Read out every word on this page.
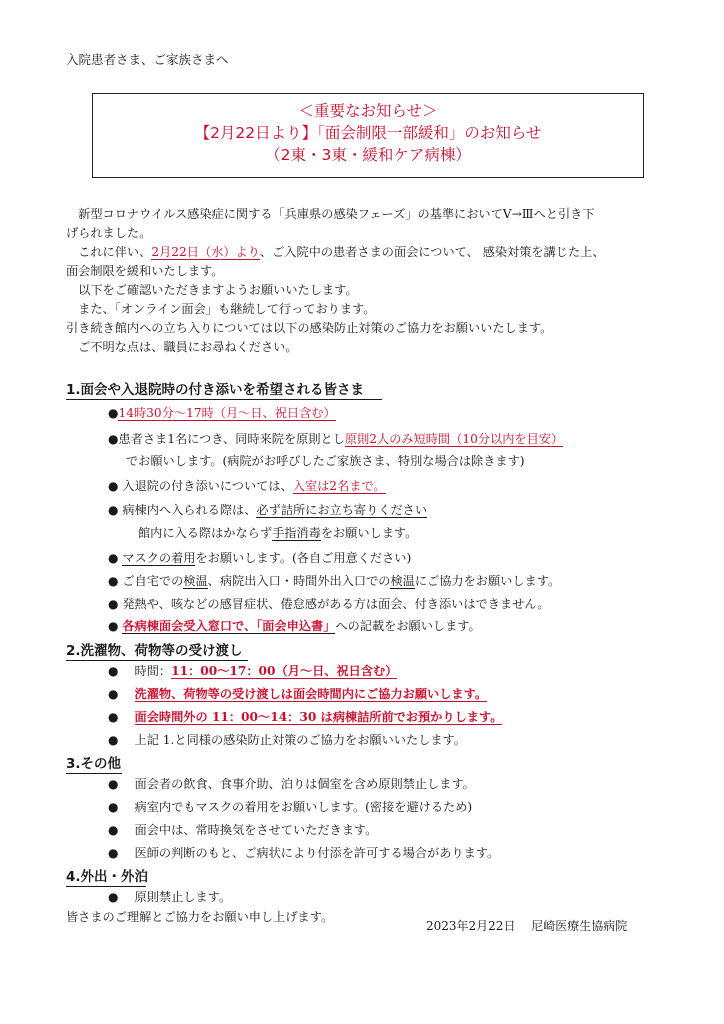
入院患者さま、ご家族さまへ
＜重要なお知らせ＞
【2月22日より】「面会制限一部緩和」のお知らせ
（2東・3東・緩和ケア病棟）
　新型コロナウイルス感染症に関する「兵庫県の感染フェーズ」の基準においてⅤ→Ⅲへと引き下
げられました。
　これに伴い、2月22日（水）より、ご入院中の患者さまの面会について、 感染対策を講じた上、
面会制限を緩和いたします。
　以下をご確認いただきますようお願いいたします。
　また、「オンライン面会」も継続して行っております。
引き続き館内への立ち入りについては以下の感染防止対策のご協力をお願いいたします。
　ご不明な点は、職員にお尋ねください。
1.面会や入退院時の付き添いを希望される皆さま
●14時30分～17時（月～日、祝日含む）
●患者さま1名につき、同時来院を原則とし原則2人のみ短時間（10分以内を目安）
でお願いします。(病院がお呼びしたご家族さま、特別な場合は除きます)
● 入退院の付き添いについては、入室は2名まで。
● 病棟内へ入られる際は、必ず詰所にお立ち寄りください
館内に入る際はかならず手指消毒をお願いします。
● マスクの着用をお願いします。(各自ご用意ください)
● ご自宅での検温、病院出入口・時間外出入口での検温にご協力をお願いします。
● 発熱や、咳などの感冒症状、倦怠感がある方は面会、付き添いはできません。
● 各病棟面会受入窓口で、「面会申込書」への記載をお願いします。
2.洗濯物、荷物等の受け渡し
●　 時間：11：00～17：00（月～日、祝日含む）
●　 洗濯物、荷物等の受け渡しは面会時間内にご協力お願いします。
●　 面会時間外の 11：00～14：30 は病棟詰所前でお預かりします。
●　 上記 1.と同様の感染防止対策のご協力をお願いいたします。
3.その他
●　 面会者の飲食、食事介助、泊りは個室を含め原則禁止します。
●　 病室内でもマスクの着用をお願いします。(密接を避けるため)
●　 面会中は、常時換気をさせていただきます。
●　 医師の判断のもと、ご病状により付添を許可する場合があります。
4.外出・外泊
●　 原則禁止します。
皆さまのご理解とご協力をお願い申し上げます。
2023年2月22日　 尼崎医療生協病院
